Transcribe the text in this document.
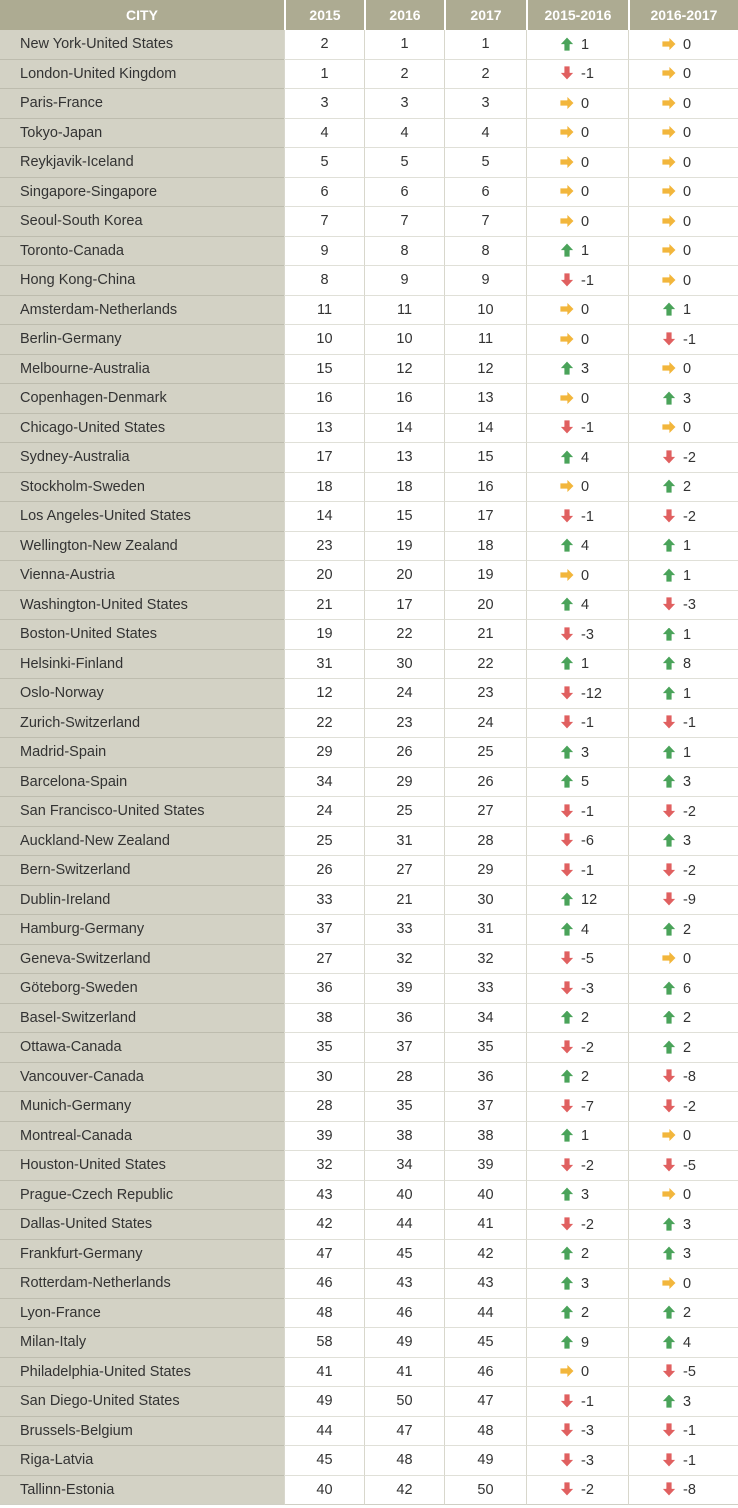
CITY	2015	2016	2017	2015-2016	2016-2017
New York-United States	2	1	1	1	0
London-United Kingdom	1	2	2	-1	0
Paris-France	3	3	3	0	0
Tokyo-Japan	4	4	4	0	0
Reykjavik-Iceland	5	5	5	0	0
Singapore-Singapore	6	6	6	0	0
Seoul-South Korea	7	7	7	0	0
Toronto-Canada	9	8	8	1	0
Hong Kong-China	8	9	9	-1	0
Amsterdam-Netherlands	11	11	10	0	1
Berlin-Germany	10	10	11	0	-1
Melbourne-Australia	15	12	12	3	0
Copenhagen-Denmark	16	16	13	0	3
Chicago-United States	13	14	14	-1	0
Sydney-Australia	17	13	15	4	-2
Stockholm-Sweden	18	18	16	0	2
Los Angeles-United States	14	15	17	-1	-2
Wellington-New Zealand	23	19	18	4	1
Vienna-Austria	20	20	19	0	1
Washington-United States	21	17	20	4	-3
Boston-United States	19	22	21	-3	1
Helsinki-Finland	31	30	22	1	8
Oslo-Norway	12	24	23	-12	1
Zurich-Switzerland	22	23	24	-1	-1
Madrid-Spain	29	26	25	3	1
Barcelona-Spain	34	29	26	5	3
San Francisco-United States	24	25	27	-1	-2
Auckland-New Zealand	25	31	28	-6	3
Bern-Switzerland	26	27	29	-1	-2
Dublin-Ireland	33	21	30	12	-9
Hamburg-Germany	37	33	31	4	2
Geneva-Switzerland	27	32	32	-5	0
Göteborg-Sweden	36	39	33	-3	6
Basel-Switzerland	38	36	34	2	2
Ottawa-Canada	35	37	35	-2	2
Vancouver-Canada	30	28	36	2	-8
Munich-Germany	28	35	37	-7	-2
Montreal-Canada	39	38	38	1	0
Houston-United States	32	34	39	-2	-5
Prague-Czech Republic	43	40	40	3	0
Dallas-United States	42	44	41	-2	3
Frankfurt-Germany	47	45	42	2	3
Rotterdam-Netherlands	46	43	43	3	0
Lyon-France	48	46	44	2	2
Milan-Italy	58	49	45	9	4
Philadelphia-United States	41	41	46	0	-5
San Diego-United States	49	50	47	-1	3
Brussels-Belgium	44	47	48	-3	-1
Riga-Latvia	45	48	49	-3	-1
Tallinn-Estonia	40	42	50	-2	-8
